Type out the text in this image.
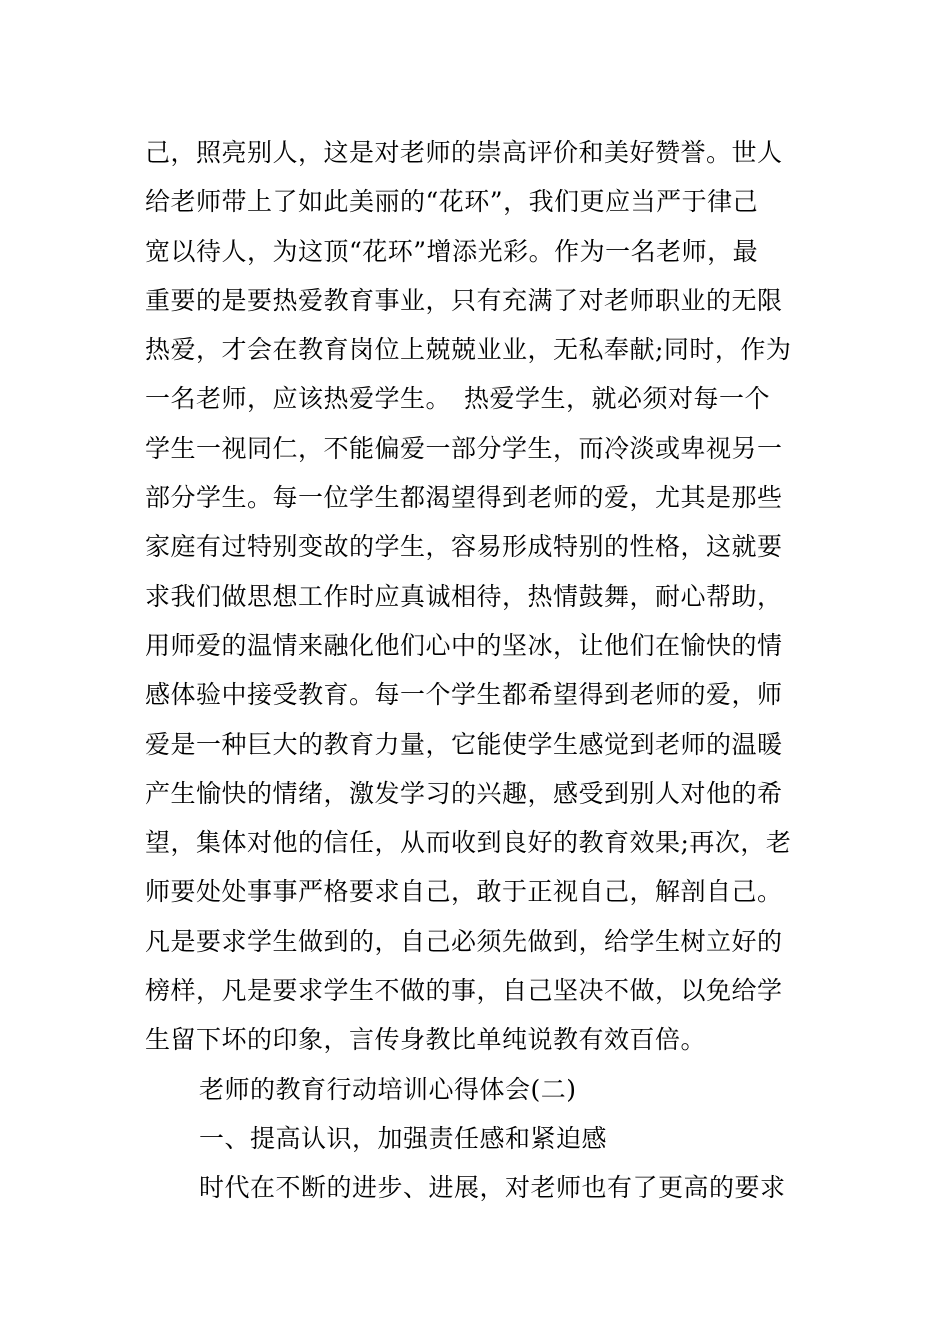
己，照亮别人，这是对老师的崇高评价和美好赞誉。世人
给老师带上了如此美丽的“花环”，我们更应当严于律己
宽以待人，为这顶“花环”增添光彩。作为一名老师，最
重要的是要热爱教育事业，只有充满了对老师职业的无限
热爱，才会在教育岗位上兢兢业业，无私奉献;同时，作为
一名老师，应该热爱学生。　热爱学生，就必须对每一个
学生一视同仁，不能偏爱一部分学生，而冷淡或卑视另一
部分学生。每一位学生都渴望得到老师的爱，尤其是那些
家庭有过特别变故的学生，容易形成特别的性格，这就要
求我们做思想工作时应真诚相待，热情鼓舞，耐心帮助，
用师爱的温情来融化他们心中的坚冰，让他们在愉快的情
感体验中接受教育。每一个学生都希望得到老师的爱，师
爱是一种巨大的教育力量，它能使学生感觉到老师的温暖
产生愉快的情绪，激发学习的兴趣，感受到别人对他的希
望，集体对他的信任，从而收到良好的教育效果;再次，老
师要处处事事严格要求自己，敢于正视自己，解剖自己。
凡是要求学生做到的，自己必须先做到，给学生树立好的
榜样，凡是要求学生不做的事，自己坚决不做，以免给学
生留下坏的印象，言传身教比单纯说教有效百倍。
老师的教育行动培训心得体会(二)
一、提高认识，加强责任感和紧迫感
时代在不断的进步、进展，对老师也有了更高的要求
